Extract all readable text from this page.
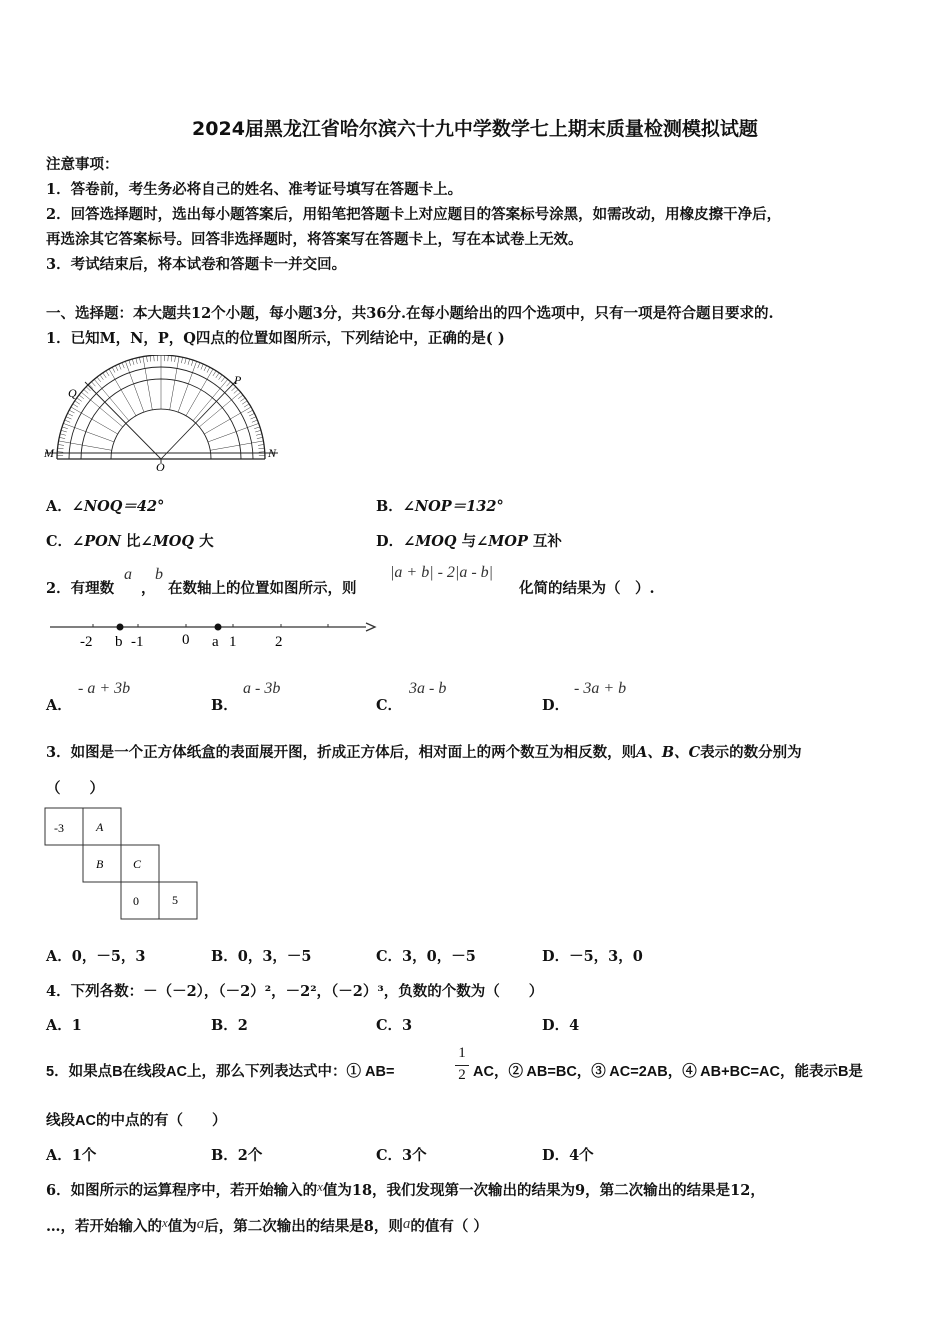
2024届黑龙江省哈尔滨六十九中学数学七上期末质量检测模拟试题
注意事项：
1．答卷前，考生务必将自己的姓名、准考证号填写在答题卡上。
2．回答选择题时，选出每小题答案后，用铅笔把答题卡上对应题目的答案标号涂黑，如需改动，用橡皮擦干净后，
再选涂其它答案标号。回答非选择题时，将答案写在答题卡上，写在本试卷上无效。
3．考试结束后，将本试卷和答题卡一并交回。
一、选择题：本大题共12个小题，每小题3分，共36分.在每小题给出的四个选项中，只有一项是符合题目要求的.
1．已知M，N，P，Q四点的位置如图所示，下列结论中，正确的是( )
M	N
P
Q
O
A．∠NOQ＝42°	B．∠NOP＝132°
C．∠PON 比∠MOQ 大	D．∠MOQ 与∠MOP 互补
2．有理数
a
，
b
在数轴上的位置如图所示，则
|a + b| - 2|a - b|
化简的结果为（　）.
-2 b -1	0 a 1	2
A．
- a + 3b
B．
a - 3b
C．
3a - b
D．
- 3a + b
3．如图是一个正方体纸盒的表面展开图，折成正方体后，相对面上的两个数互为相反数，则A、B、C表示的数分别为
（　　）
-3	A
B C
0	5
A．0，－5，3	B．0，3，－5	C．3，0，－5	D．－5，3，0
4．下列各数：－（－2），（－2）²，－2²，（－2）³，负数的个数为（　　）
A．1	B．2	C．3	D．4
5．如果点B在线段AC上，那么下列表达式中：① AB=
1
2 AC，② AB=BC，③ AC=2AB，④ AB+BC=AC，能表示B是
线段AC的中点的有（　　）
A．1个	B．2个	C．3个	D．4个
6．如图所示的运算程序中，若开始输入的x值为18，我们发现第一次输出的结果为9，第二次输出的结果是12，
…，若开始输入的x值为a后，第二次输出的结果是8，则a的值有（ ）
